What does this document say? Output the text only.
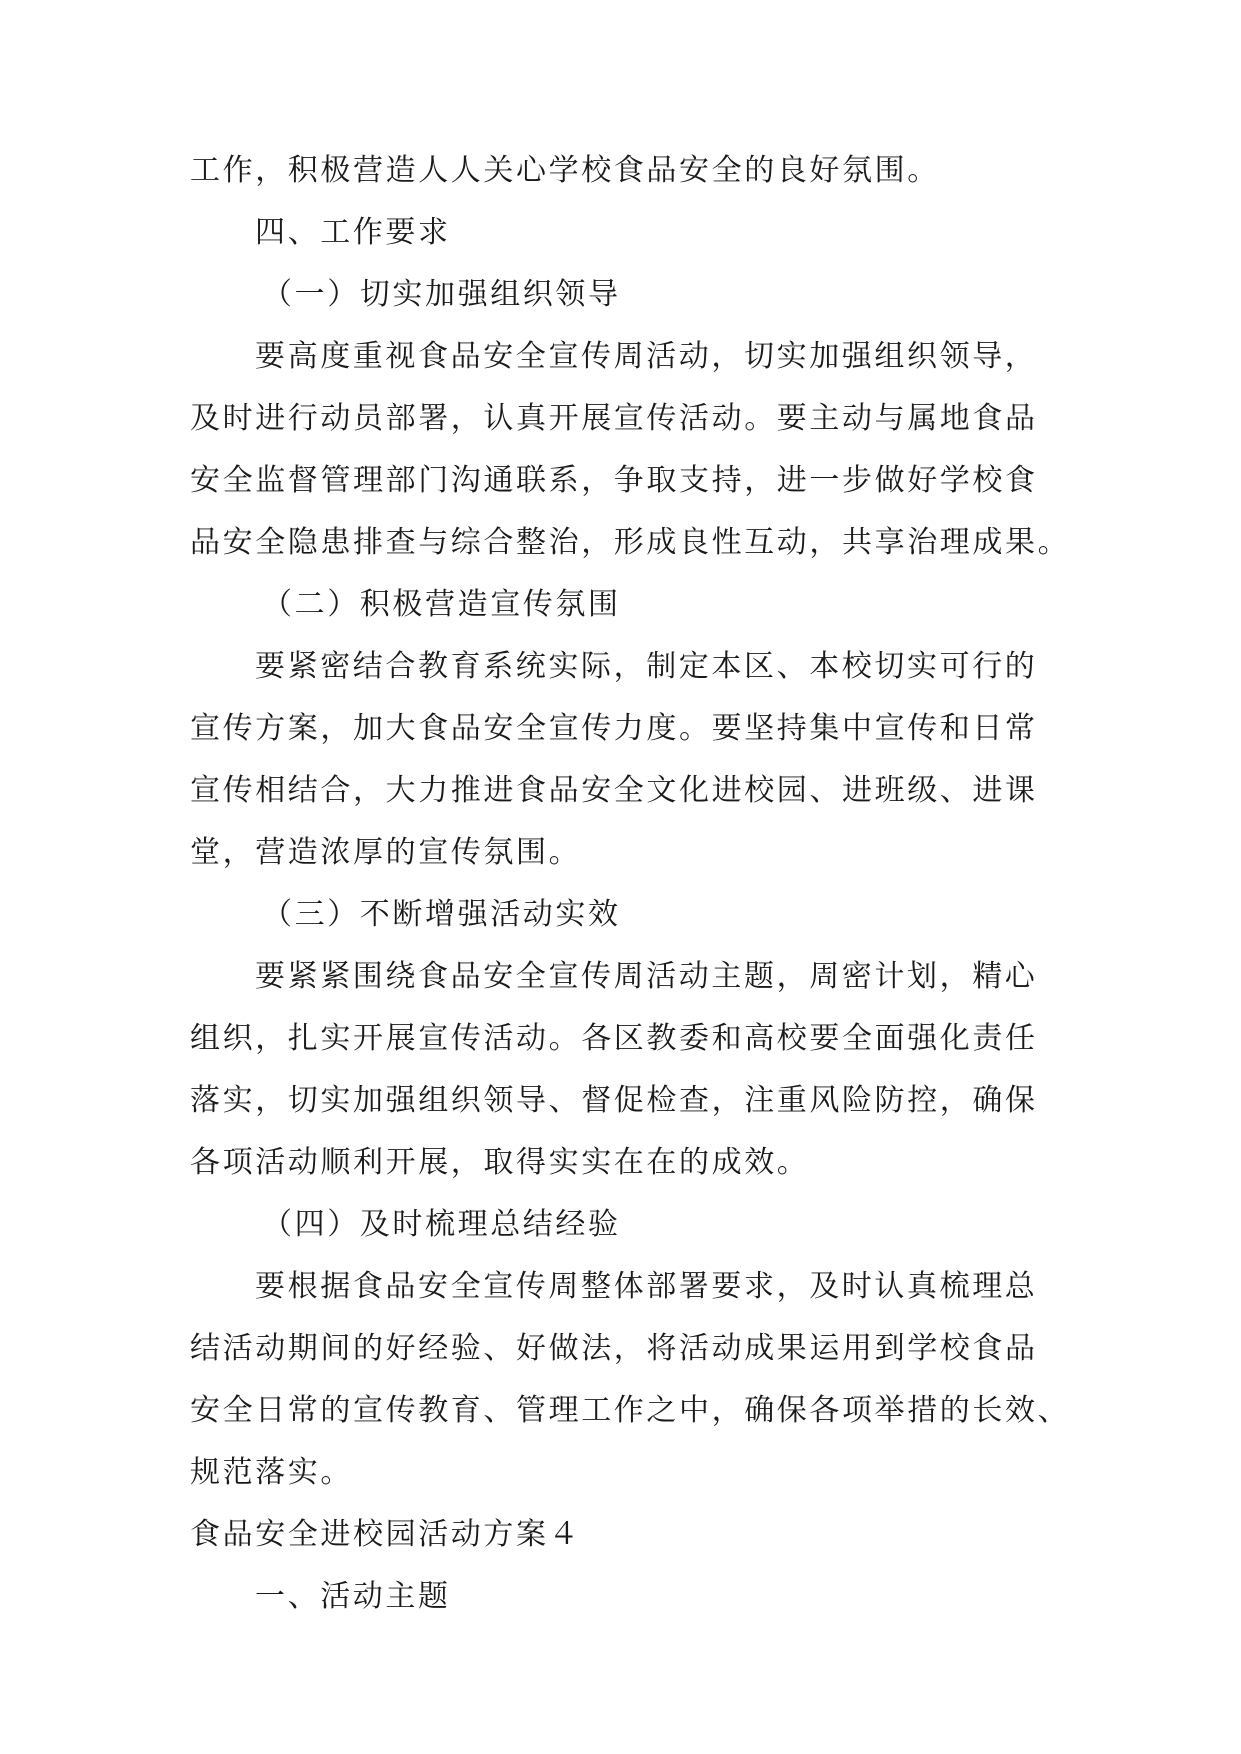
工作，积极营造人人关心学校食品安全的良好氛围。
四、工作要求
（一）切实加强组织领导
要高度重视食品安全宣传周活动，切实加强组织领导，
及时进行动员部署，认真开展宣传活动。要主动与属地食品
安全监督管理部门沟通联系，争取支持，进一步做好学校食
品安全隐患排查与综合整治，形成良性互动，共享治理成果。
（二）积极营造宣传氛围
要紧密结合教育系统实际，制定本区、本校切实可行的
宣传方案，加大食品安全宣传力度。要坚持集中宣传和日常
宣传相结合，大力推进食品安全文化进校园、进班级、进课
堂，营造浓厚的宣传氛围。
（三）不断增强活动实效
要紧紧围绕食品安全宣传周活动主题，周密计划，精心
组织，扎实开展宣传活动。各区教委和高校要全面强化责任
落实，切实加强组织领导、督促检查，注重风险防控，确保
各项活动顺利开展，取得实实在在的成效。
（四）及时梳理总结经验
要根据食品安全宣传周整体部署要求，及时认真梳理总
结活动期间的好经验、好做法，将活动成果运用到学校食品
安全日常的宣传教育、管理工作之中，确保各项举措的长效、
规范落实。
食品安全进校园活动方案４
一、活动主题
